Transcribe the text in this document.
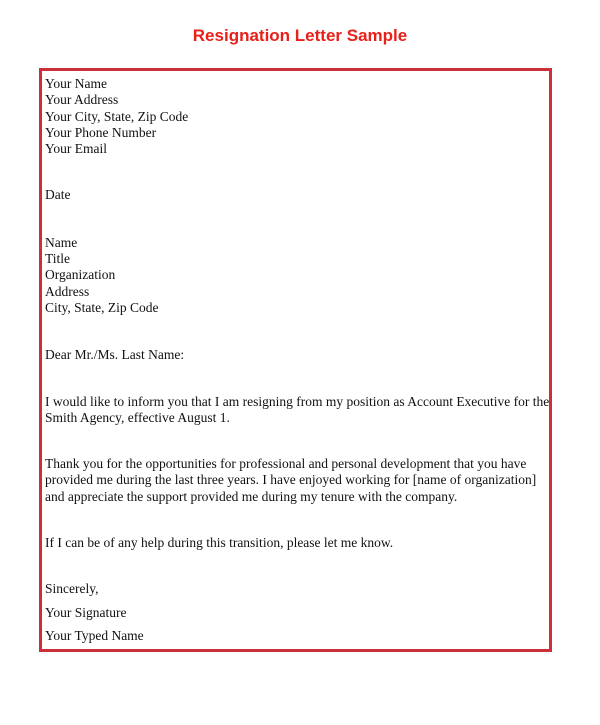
Resignation Letter Sample
Your Name
Your Address
Your City, State, Zip Code
Your Phone Number
Your Email
Date
Name
Title
Organization
Address
City, State, Zip Code
Dear Mr./Ms. Last Name:

I would like to inform you that I am resigning from my position as Account Executive for the Smith Agency, effective August 1.

Thank you for the opportunities for professional and personal development that you have provided me during the last three years. I have enjoyed working for [name of organization] and appreciate the support provided me during my tenure with the company.

If I can be of any help during this transition, please let me know.

Sincerely,
Your Signature
Your Typed Name
